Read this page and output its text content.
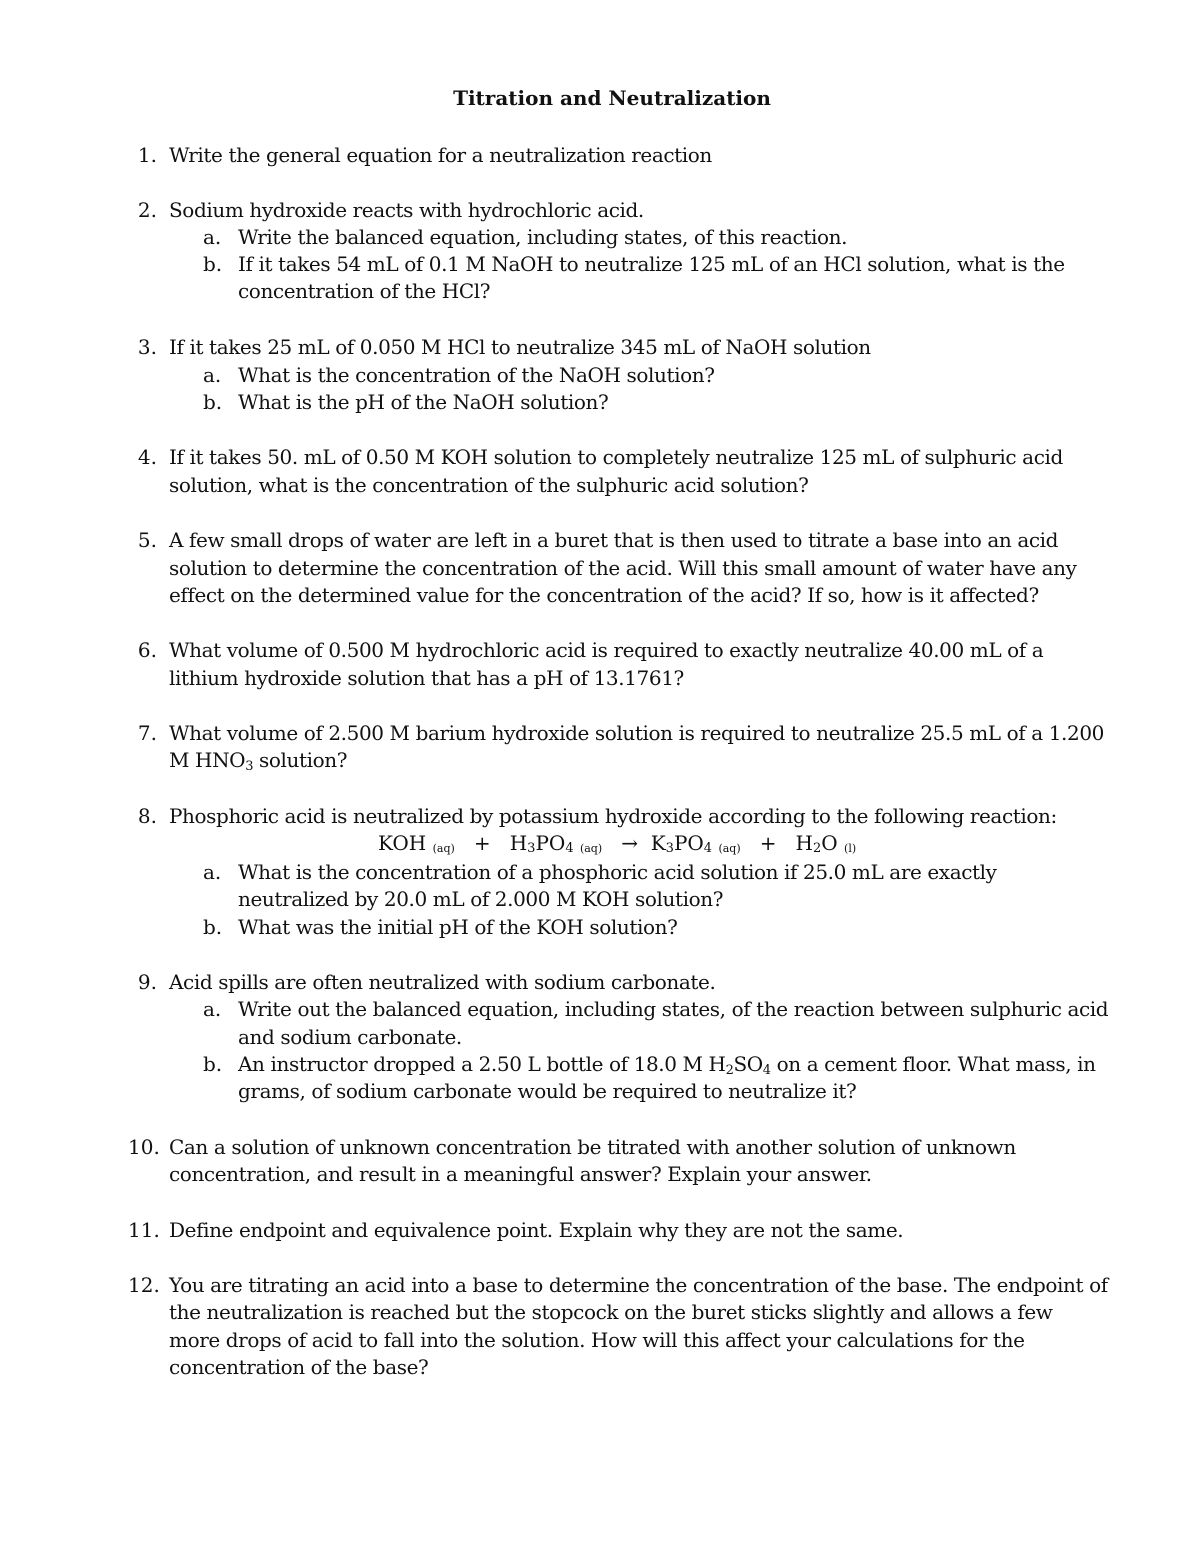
Titration and Neutralization
1. Write the general equation for a neutralization reaction
2. Sodium hydroxide reacts with hydrochloric acid.
a. Write the balanced equation, including states, of this reaction.
b. If it takes 54 mL of 0.1 M NaOH to neutralize 125 mL of an HCl solution, what is the
concentration of the HCl?
3. If it takes 25 mL of 0.050 M HCl to neutralize 345 mL of NaOH solution
a. What is the concentration of the NaOH solution?
b. What is the pH of the NaOH solution?
4. If it takes 50. mL of 0.50 M KOH solution to completely neutralize 125 mL of sulphuric acid
solution, what is the concentration of the sulphuric acid solution?
5. A few small drops of water are left in a buret that is then used to titrate a base into an acid
solution to determine the concentration of the acid. Will this small amount of water have any
effect on the determined value for the concentration of the acid? If so, how is it affected?
6. What volume of 0.500 M hydrochloric acid is required to exactly neutralize 40.00 mL of a
lithium hydroxide solution that has a pH of 13.1761?
7. What volume of 2.500 M barium hydroxide solution is required to neutralize 25.5 mL of a 1.200
M $HNO_3$ solution?
8. Phosphoric acid is neutralized by potassium hydroxide according to the following reaction:
KOH (aq) + H3PO4 (aq) → K3PO4 (aq) + H2O (l)
a. What is the concentration of a phosphoric acid solution if 25.0 mL are exactly
neutralized by 20.0 mL of 2.000 M KOH solution?
b. What was the initial pH of the KOH solution?
9. Acid spills are often neutralized with sodium carbonate.
a. Write out the balanced equation, including states, of the reaction between sulphuric acid
and sodium carbonate.
b. An instructor dropped a 2.50 L bottle of 18.0 M $H_2SO_4$ on a cement floor. What mass, in
grams, of sodium carbonate would be required to neutralize it?
10. Can a solution of unknown concentration be titrated with another solution of unknown
concentration, and result in a meaningful answer? Explain your answer.
11. Define endpoint and equivalence point. Explain why they are not the same.
12. You are titrating an acid into a base to determine the concentration of the base. The endpoint of
the neutralization is reached but the stopcock on the buret sticks slightly and allows a few
more drops of acid to fall into the solution. How will this affect your calculations for the
concentration of the base?
